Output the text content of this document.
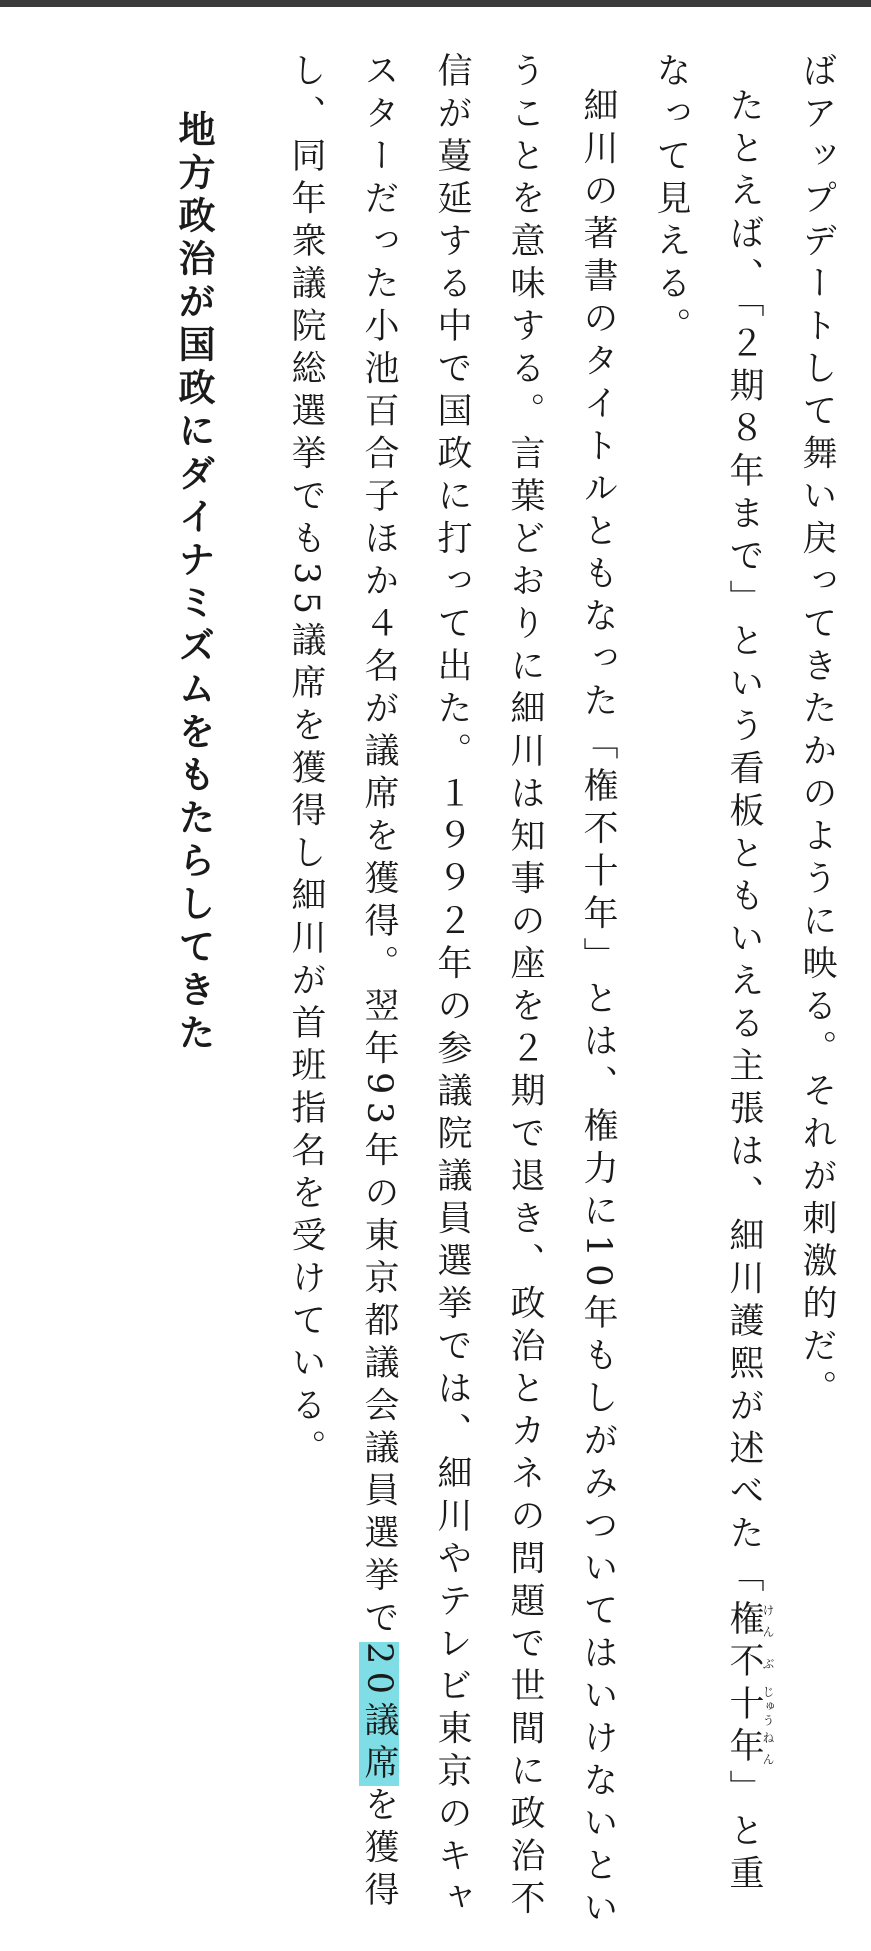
ばアップデートして舞い戻ってきたかのように映る。それが刺激的だ。

たとえば、「２期８年まで」という看板ともいえる主張は、細川護熙が述べた「権けん不ぶ十じゅう年ねん」と重なって見える。

細川の著書のタイトルともなった「権不十年」とは、権力に10年もしがみついてはいけないということを意味する。言葉どおりに細川は知事の座を２期で退き、政治とカネの問題で世間に政治不信が蔓延する中で国政に打って出た。１９９２年の参議院議員選挙では、細川やテレビ東京のキャスターだった小池百合子ほか４名が議席を獲得。翌年93年の東京都議会議員選挙で20議席を獲得し、同年衆議院総選挙でも35議席を獲得し細川が首班指名を受けている。

地方政治が国政にダイナミズムをもたらしてきた
